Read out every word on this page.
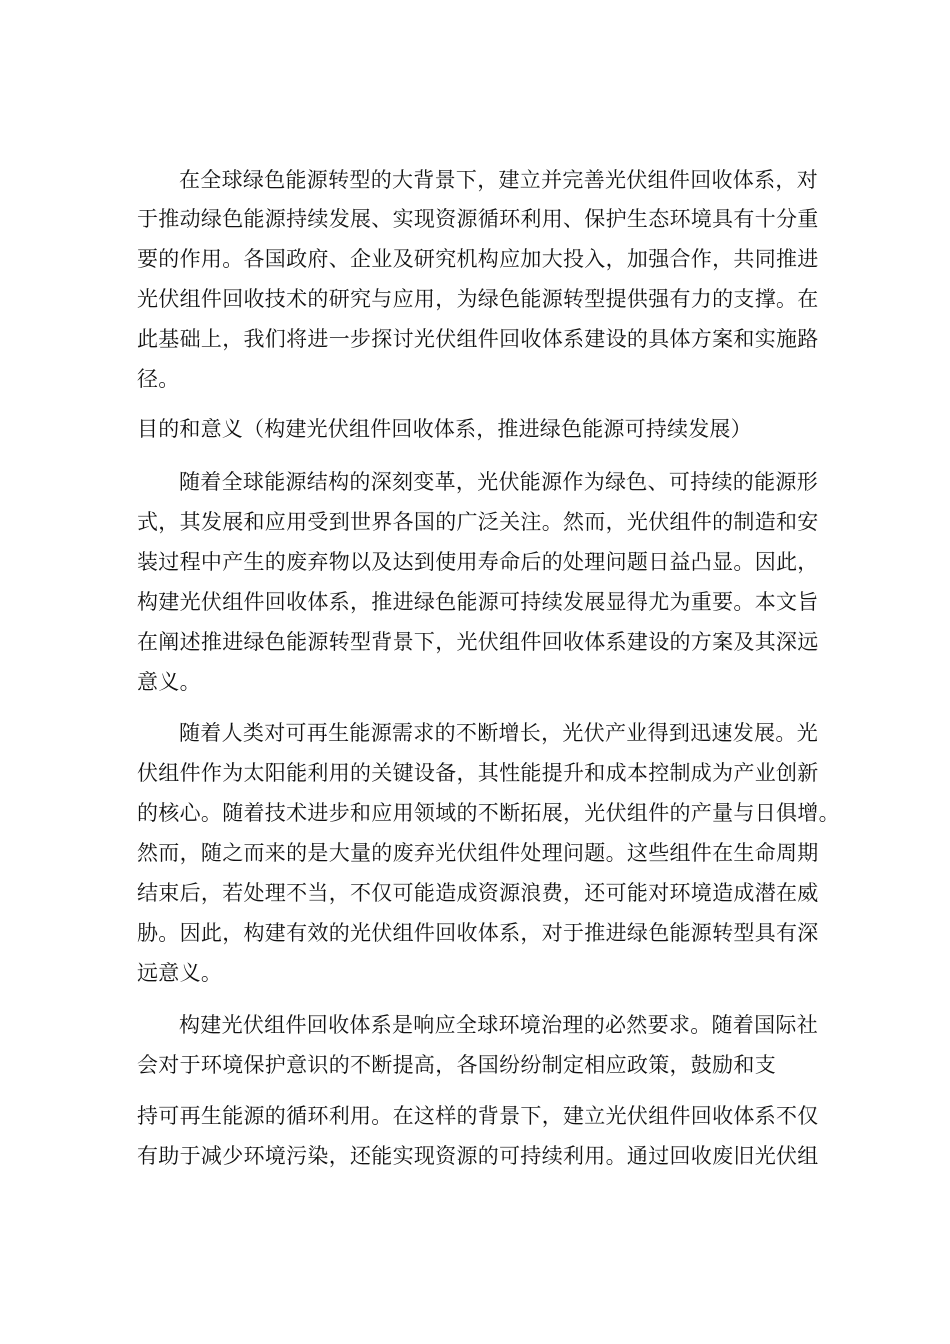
在全球绿色能源转型的大背景下，建立并完善光伏组件回收体系，对
于推动绿色能源持续发展、实现资源循环利用、保护生态环境具有十分重
要的作用。各国政府、企业及研究机构应加大投入，加强合作，共同推进
光伏组件回收技术的研究与应用，为绿色能源转型提供强有力的支撑。在
此基础上，我们将进一步探讨光伏组件回收体系建设的具体方案和实施路
径。
目的和意义（构建光伏组件回收体系，推进绿色能源可持续发展）
随着全球能源结构的深刻变革，光伏能源作为绿色、可持续的能源形
式，其发展和应用受到世界各国的广泛关注。然而，光伏组件的制造和安
装过程中产生的废弃物以及达到使用寿命后的处理问题日益凸显。因此，
构建光伏组件回收体系，推进绿色能源可持续发展显得尤为重要。本文旨
在阐述推进绿色能源转型背景下，光伏组件回收体系建设的方案及其深远
意义。
随着人类对可再生能源需求的不断增长，光伏产业得到迅速发展。光
伏组件作为太阳能利用的关键设备，其性能提升和成本控制成为产业创新
的核心。随着技术进步和应用领域的不断拓展，光伏组件的产量与日俱增。
然而，随之而来的是大量的废弃光伏组件处理问题。这些组件在生命周期
结束后，若处理不当，不仅可能造成资源浪费，还可能对环境造成潜在威
胁。因此，构建有效的光伏组件回收体系，对于推进绿色能源转型具有深
远意义。
构建光伏组件回收体系是响应全球环境治理的必然要求。随着国际社
会对于环境保护意识的不断提高，各国纷纷制定相应政策，鼓励和支
持可再生能源的循环利用。在这样的背景下，建立光伏组件回收体系不仅
有助于减少环境污染，还能实现资源的可持续利用。通过回收废旧光伏组
